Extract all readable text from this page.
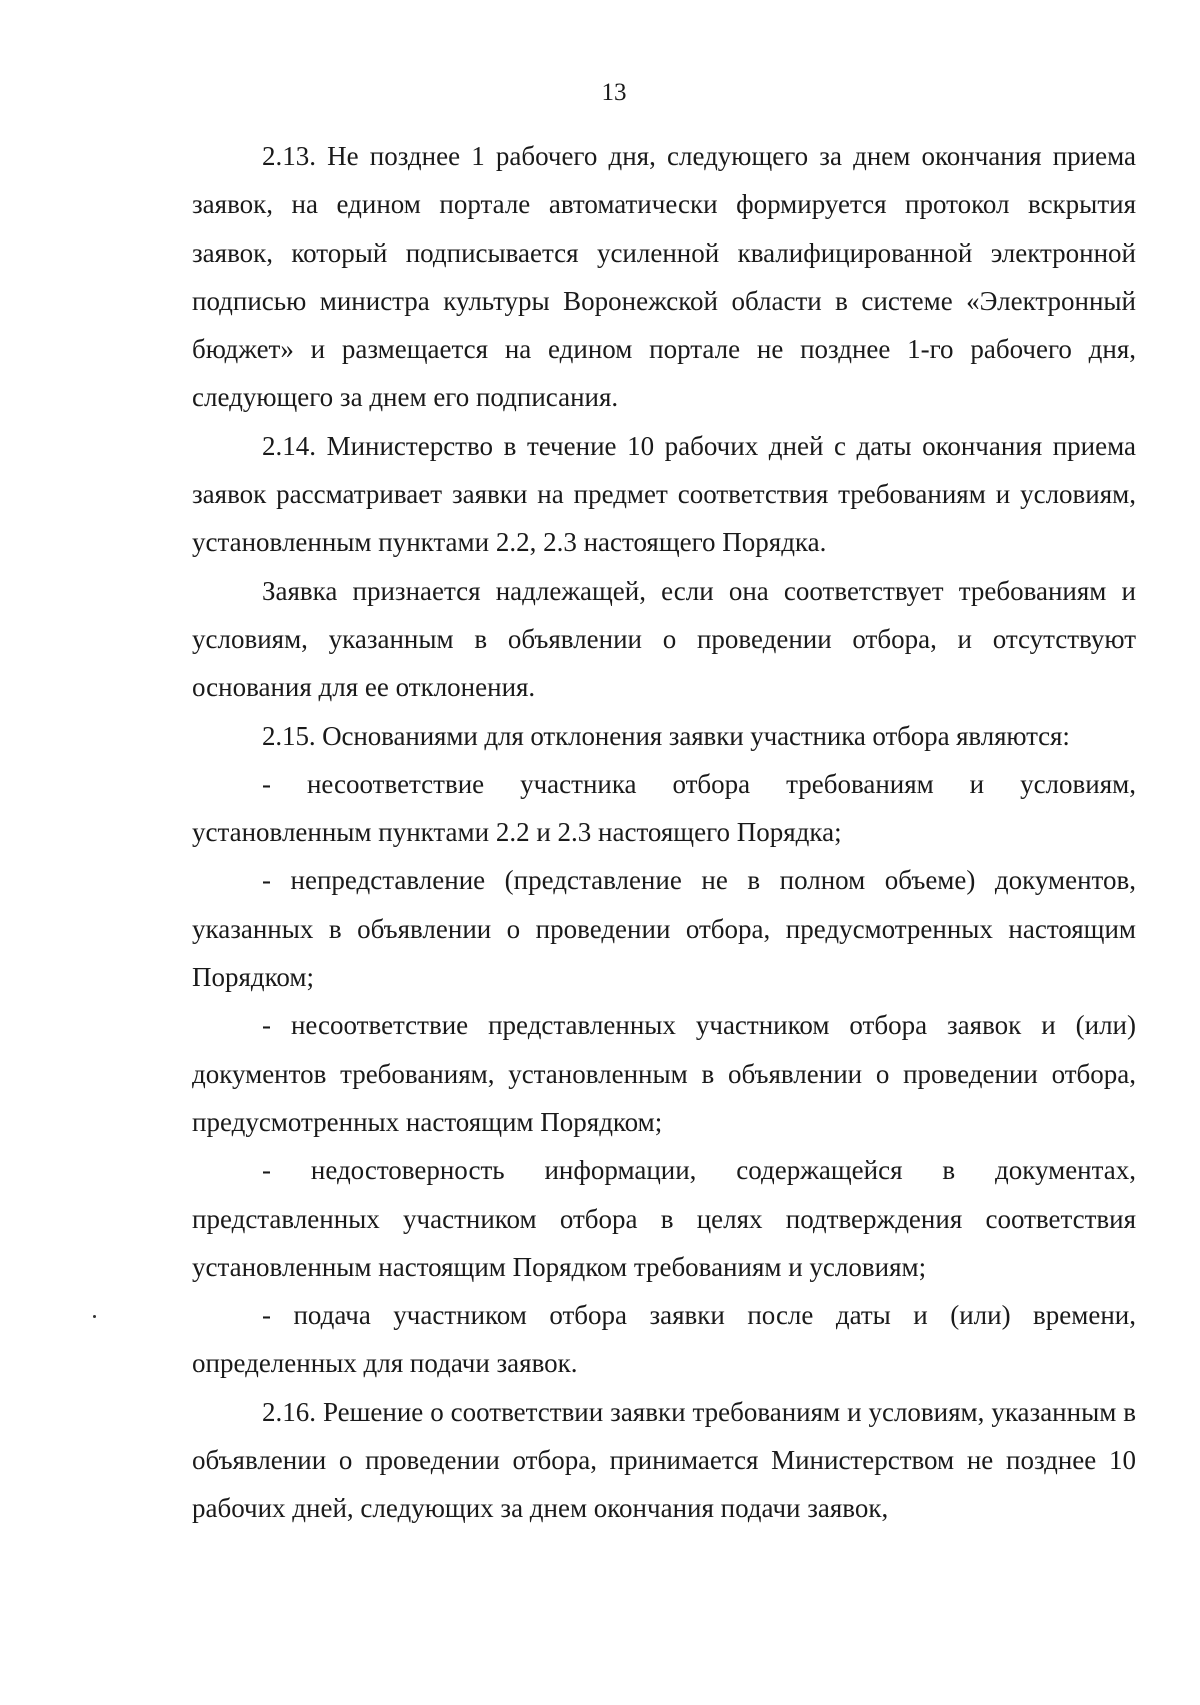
13

2.13. Не позднее 1 рабочего дня, следующего за днем окончания приема заявок, на едином портале автоматически формируется протокол вскрытия заявок, который подписывается усиленной квалифицированной электронной подписью министра культуры Воронежской области в системе «Электронный бюджет» и размещается на едином портале не позднее 1-го рабочего дня, следующего за днем его подписания.

2.14. Министерство в течение 10 рабочих дней с даты окончания приема заявок рассматривает заявки на предмет соответствия требованиям и условиям, установленным пунктами 2.2, 2.3 настоящего Порядка.

Заявка признается надлежащей, если она соответствует требованиям и условиям, указанным в объявлении о проведении отбора, и отсутствуют основания для ее отклонения.

2.15. Основаниями для отклонения заявки участника отбора являются:

- несоответствие участника отбора требованиям и условиям, установленным пунктами 2.2 и 2.3 настоящего Порядка;

- непредставление (представление не в полном объеме) документов, указанных в объявлении о проведении отбора, предусмотренных настоящим Порядком;

- несоответствие представленных участником отбора заявок и (или) документов требованиям, установленным в объявлении о проведении отбора, предусмотренных настоящим Порядком;

- недостоверность информации, содержащейся в документах, представленных участником отбора в целях подтверждения соответствия установленным настоящим Порядком требованиям и условиям;

- подача участником отбора заявки после даты и (или) времени, определенных для подачи заявок.

2.16. Решение о соответствии заявки требованиям и условиям, указанным в объявлении о проведении отбора, принимается Министерством не позднее 10 рабочих дней, следующих за днем окончания подачи заявок,
